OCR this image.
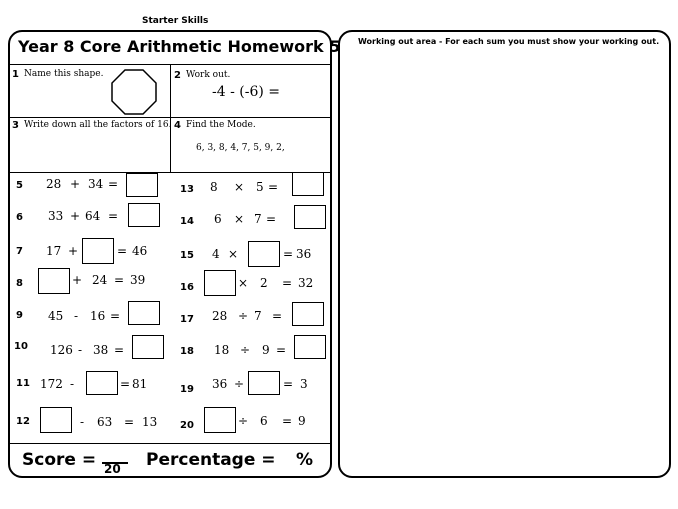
Starter Skills
Working out area - For each sum you must show your working out.
Year 8 Core Arithmetic Homework 5
1 Name this shape.	2 Work out.
-4 - (-6) =
3 Write down all the factors of 16. 4 Find the Mode.
6, 3, 8, 4, 7, 5, 9, 2,
5 28 + 34 =
6 33 + 64 =
7 17 +	= 46
8	+ 24 = 39
9 45 - 16 =
10 126 - 38 =
11 172 -	= 81
12	- 63 = 13
13 8 × 5 =
14 6 × 7 =
15 4 ×	= 36
16	× 2 = 32
17 28 ÷ 7 =
18 18 ÷ 9 =
19 36 ÷	= 3
20	÷ 6 = 9
Score = 20 Percentage = %
